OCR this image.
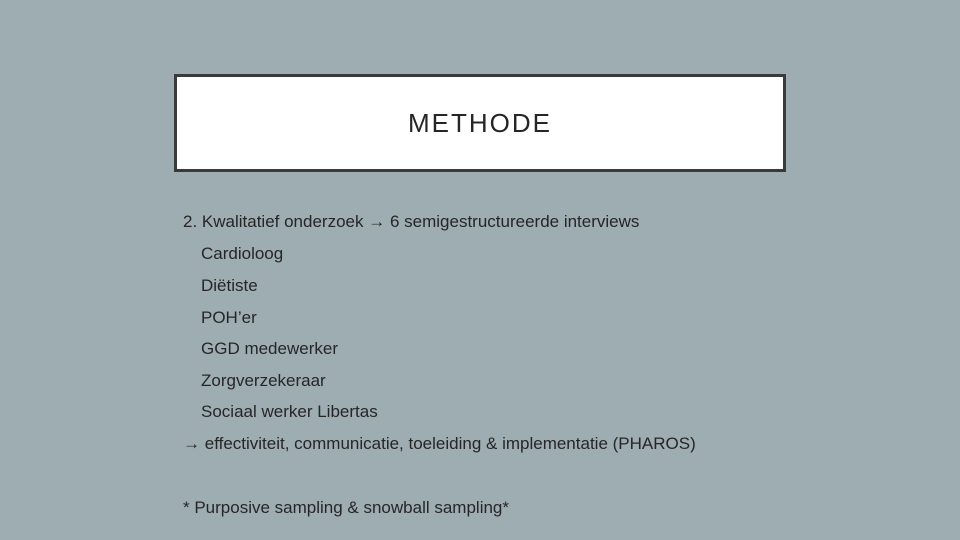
METHODE
2. Kwalitatief onderzoek → 6 semigestructureerde interviews
Cardioloog
Diëtiste
POH’er
GGD medewerker
Zorgverzekeraar
Sociaal werker Libertas
→ effectiviteit, communicatie, toeleiding & implementatie (PHAROS)
* Purposive sampling & snowball sampling*
